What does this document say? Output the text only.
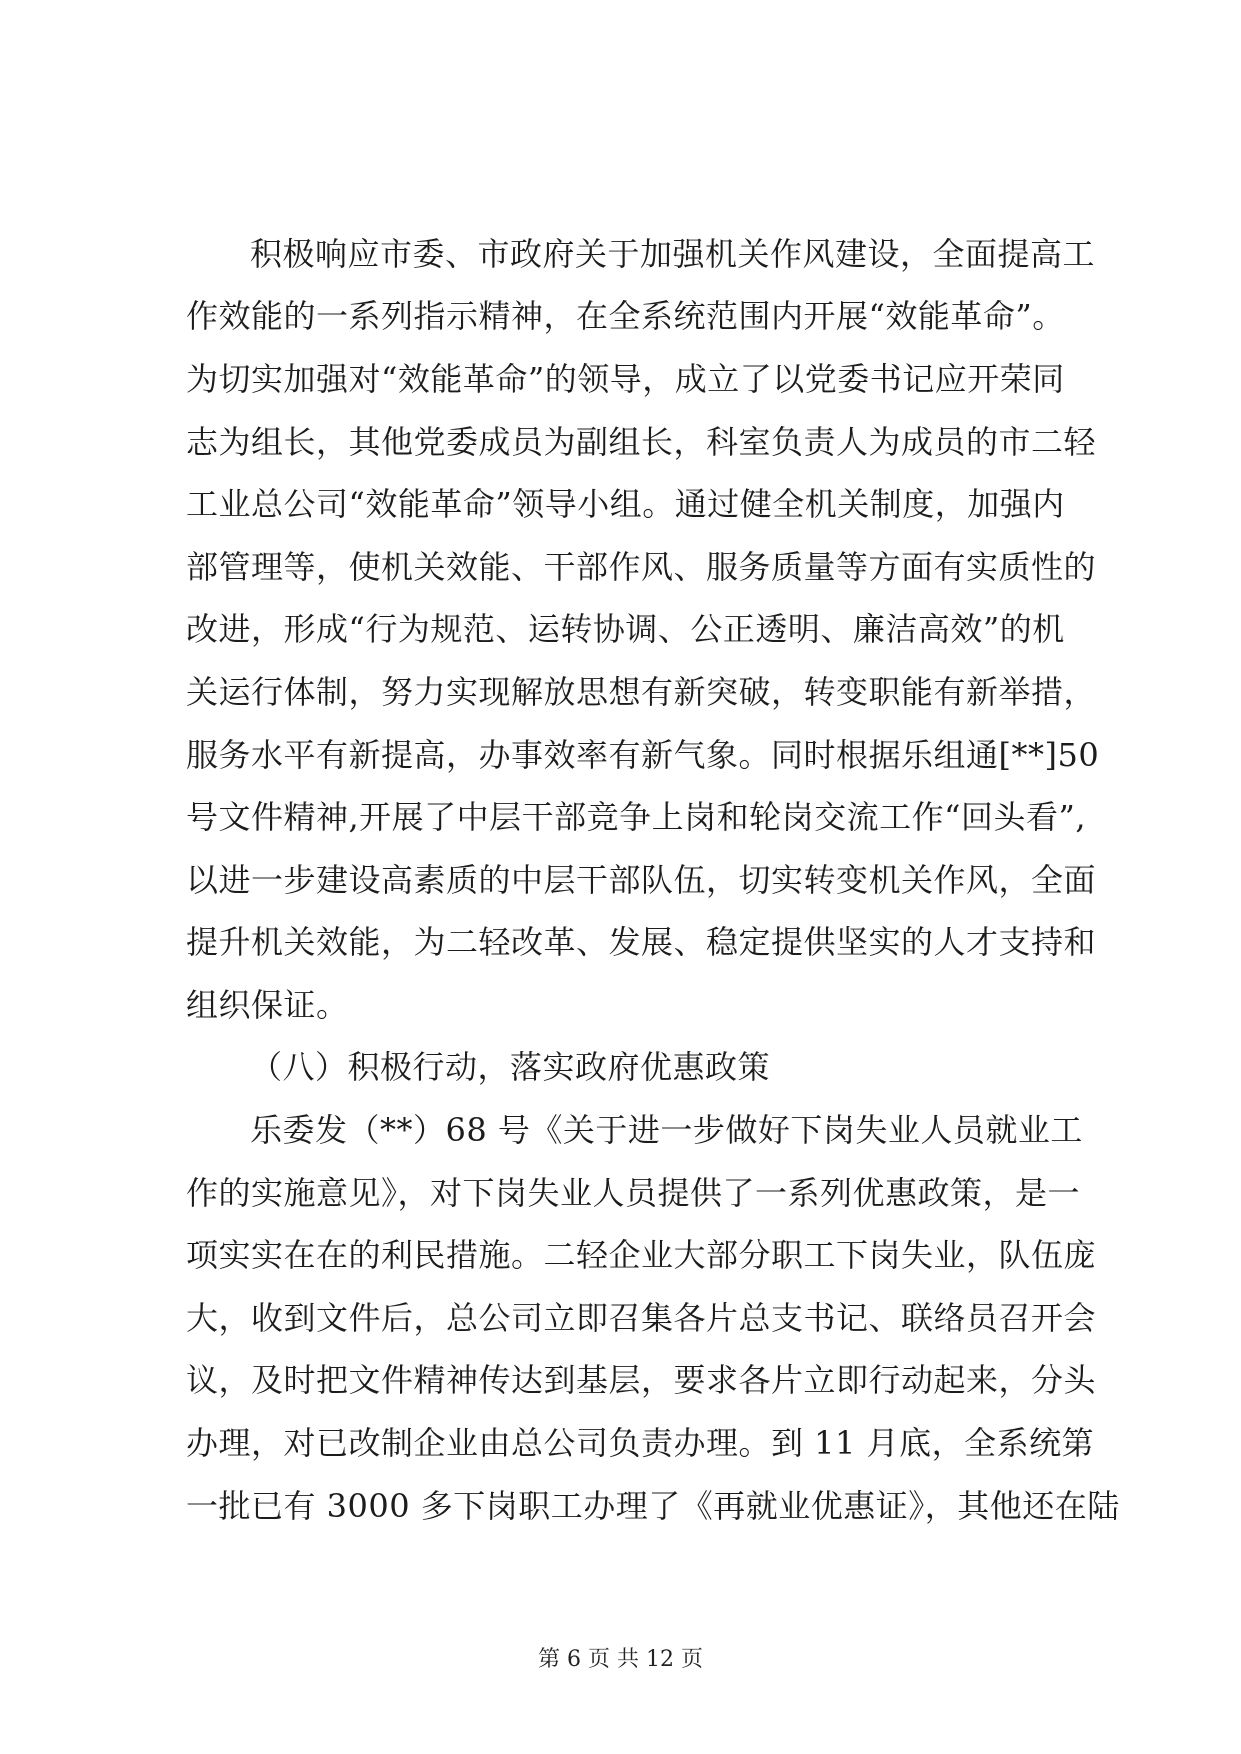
积极响应市委、市政府关于加强机关作风建设，全面提高工
作效能的一系列指示精神，在全系统范围内开展“效能革命”。
为切实加强对“效能革命”的领导，成立了以党委书记应开荣同
志为组长，其他党委成员为副组长，科室负责人为成员的市二轻
工业总公司“效能革命”领导小组。通过健全机关制度，加强内
部管理等，使机关效能、干部作风、服务质量等方面有实质性的
改进，形成“行为规范、运转协调、公正透明、廉洁高效”的机
关运行体制，努力实现解放思想有新突破，转变职能有新举措，
服务水平有新提高，办事效率有新气象。同时根据乐组通[**]50
号文件精神,开展了中层干部竞争上岗和轮岗交流工作“回头看”,
以进一步建设高素质的中层干部队伍，切实转变机关作风，全面
提升机关效能，为二轻改革、发展、稳定提供坚实的人才支持和
组织保证。
（八）积极行动，落实政府优惠政策
乐委发（**）68 号《关于进一步做好下岗失业人员就业工
作的实施意见》，对下岗失业人员提供了一系列优惠政策，是一
项实实在在的利民措施。二轻企业大部分职工下岗失业，队伍庞
大，收到文件后，总公司立即召集各片总支书记、联络员召开会
议，及时把文件精神传达到基层，要求各片立即行动起来，分头
办理，对已改制企业由总公司负责办理。到 11 月底，全系统第
一批已有 3000 多下岗职工办理了《再就业优惠证》，其他还在陆
第 6 页 共 12 页
